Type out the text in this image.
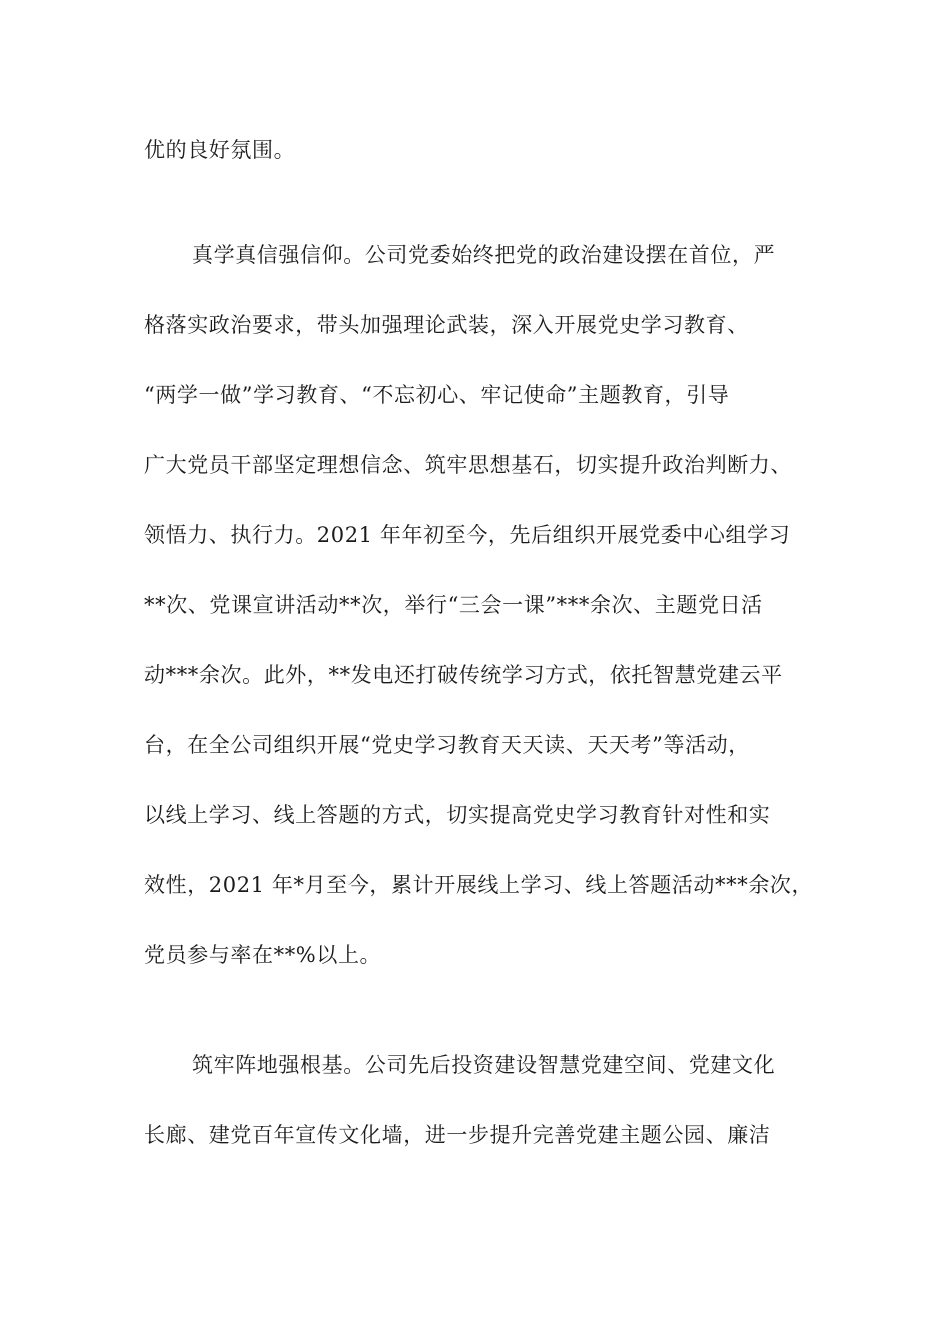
优的良好氛围。
真学真信强信仰。公司党委始终把党的政治建设摆在首位，严
格落实政治要求，带头加强理论武装，深入开展党史学习教育、
“两学一做”学习教育、“不忘初心、牢记使命”主题教育，引导
广大党员干部坚定理想信念、筑牢思想基石，切实提升政治判断力、
领悟力、执行力。2021 年年初至今，先后组织开展党委中心组学习
**次、党课宣讲活动**次，举行“三会一课”***余次、主题党日活
动***余次。此外，**发电还打破传统学习方式，依托智慧党建云平
台，在全公司组织开展“党史学习教育天天读、天天考”等活动，
以线上学习、线上答题的方式，切实提高党史学习教育针对性和实
效性，2021 年*月至今，累计开展线上学习、线上答题活动***余次，
党员参与率在**%以上。
筑牢阵地强根基。公司先后投资建设智慧党建空间、党建文化
长廊、建党百年宣传文化墙，进一步提升完善党建主题公园、廉洁
